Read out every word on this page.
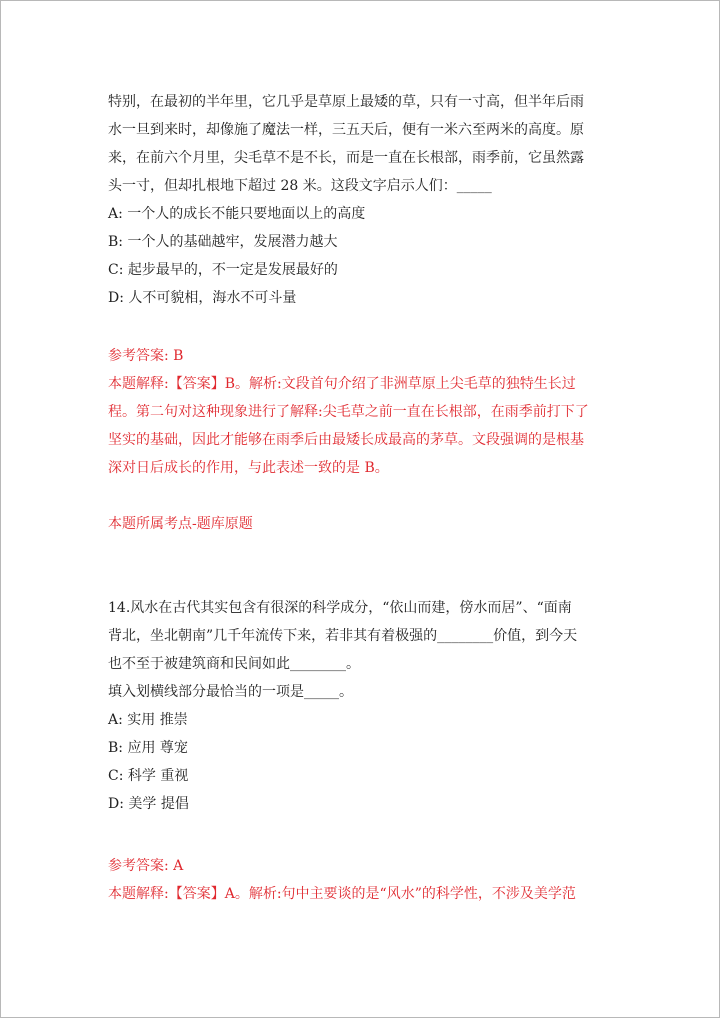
特别，在最初的半年里，它几乎是草原上最矮的草，只有一寸高，但半年后雨
水一旦到来时，却像施了魔法一样，三五天后，便有一米六至两米的高度。原
来，在前六个月里，尖毛草不是不长，而是一直在长根部，雨季前，它虽然露
头一寸，但却扎根地下超过 28 米。这段文字启示人们：_____
A: 一个人的成长不能只要地面以上的高度
B: 一个人的基础越牢，发展潜力越大
C: 起步最早的，不一定是发展最好的
D: 人不可貌相，海水不可斗量
参考答案: B
本题解释:【答案】B。解析:文段首句介绍了非洲草原上尖毛草的独特生长过
程。第二句对这种现象进行了解释:尖毛草之前一直在长根部，在雨季前打下了
坚实的基础，因此才能够在雨季后由最矮长成最高的茅草。文段强调的是根基
深对日后成长的作用，与此表述一致的是 B。
本题所属考点-题库原题
14.风水在古代其实包含有很深的科学成分，“依山而建，傍水而居”、“面南
背北，坐北朝南”几千年流传下来，若非其有着极强的________价值，到今天
也不至于被建筑商和民间如此________。
填入划横线部分最恰当的一项是_____。
A: 实用 推崇
B: 应用 尊宠
C: 科学 重视
D: 美学 提倡
参考答案: A
本题解释:【答案】A。解析:句中主要谈的是“风水”的科学性，不涉及美学范
